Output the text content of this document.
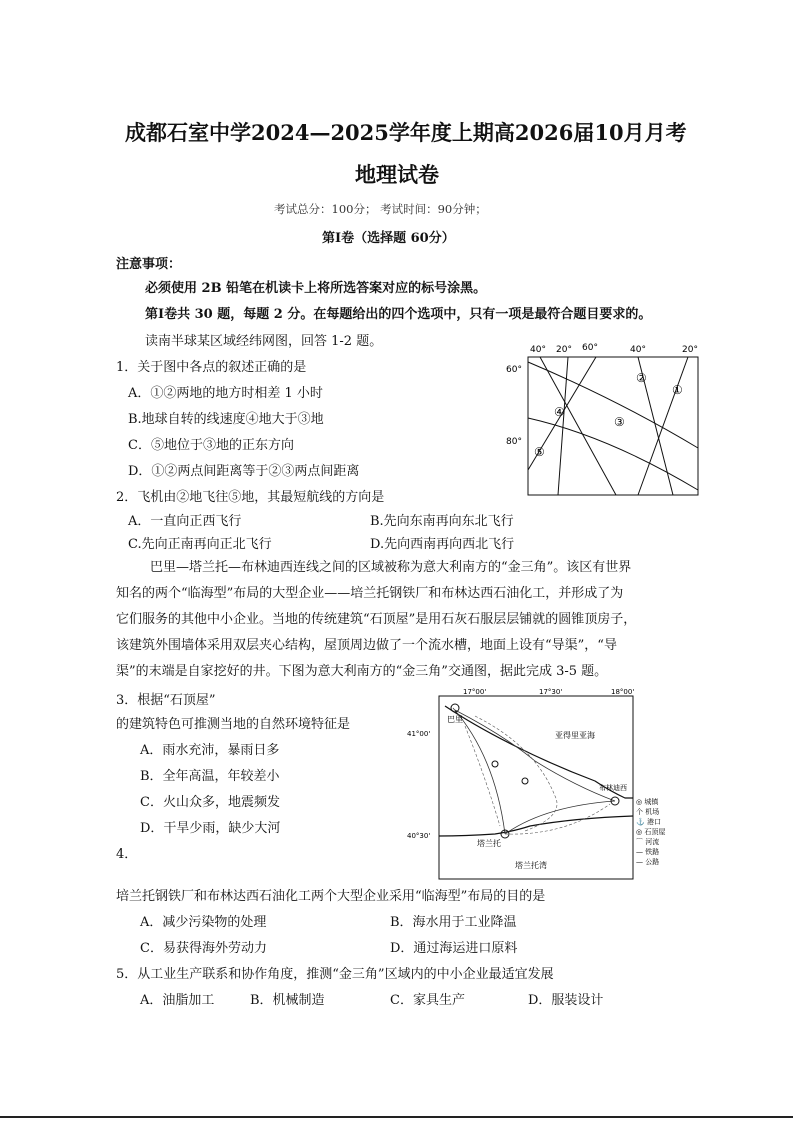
成都石室中学2024—2025学年度上期高2026届10月月考
地理试卷
考试总分：100分； 考试时间：90分钟；
第Ⅰ卷（选择题 60分）
注意事项：
必须使用 2B 铅笔在机读卡上将所选答案对应的标号涂黑。
第Ⅰ卷共 30 题，每题 2 分。在每题给出的四个选项中，只有一项是最符合题目要求的。
读南半球某区域经纬网图，回答 1-2 题。
1．关于图中各点的叙述正确的是
A．①②两地的地方时相差 1 小时
B.地球自转的线速度④地大于③地
C．⑤地位于③地的正东方向
D．①②两点间距离等于②③两点间距离
2．飞机由②地飞往⑤地，其最短航线的方向是
A．一直向正西飞行	B.先向东南再向东北飞行
C.先向正南再向正北飞行	D.先向西南再向西北飞行
40° 20° 60°	40°	20°
60°
80°
①
②
③
④
⑤
巴里—塔兰托—布林迪西连线之间的区域被称为意大利南方的“金三角”。该区有世界
知名的两个“临海型”布局的大型企业——培兰托钢铁厂和布林达西石油化工，并形成了为
它们服务的其他中小企业。当地的传统建筑“石顶屋”是用石灰石服层层铺就的圆锥顶房子，
该建筑外围墙体采用双层夹心结构，屋顶周边做了一个流水槽，地面上设有“导渠”，“导
渠”的末端是自家挖好的井。下图为意大利南方的“金三角”交通图，据此完成 3-5 题。
3．根据“石顶屋”
的建筑特色可推测当地的自然环境特征是
A．雨水充沛，暴雨日多
B．全年高温，年较差小
C．火山众多，地震频发
D．干旱少雨，缺少大河
4．
17°00'	17°30'	18°00'
41°00'
40°30'
亚得里亚海
塔兰托湾
巴里
塔兰托
布林迪西
◎ 城镇
个 机场
⚓ 港口
◎ 石顶屋
⌒ 河流
— 铁路
— 公路
培兰托钢铁厂和布林达西石油化工两个大型企业采用“临海型”布局的目的是
A．减少污染物的处理	B．海水用于工业降温
C．易获得海外劳动力	D．通过海运进口原料
5．从工业生产联系和协作角度，推测“金三角”区域内的中小企业最适宜发展
A．油脂加工	B．机械制造	C．家具生产	D．服装设计
